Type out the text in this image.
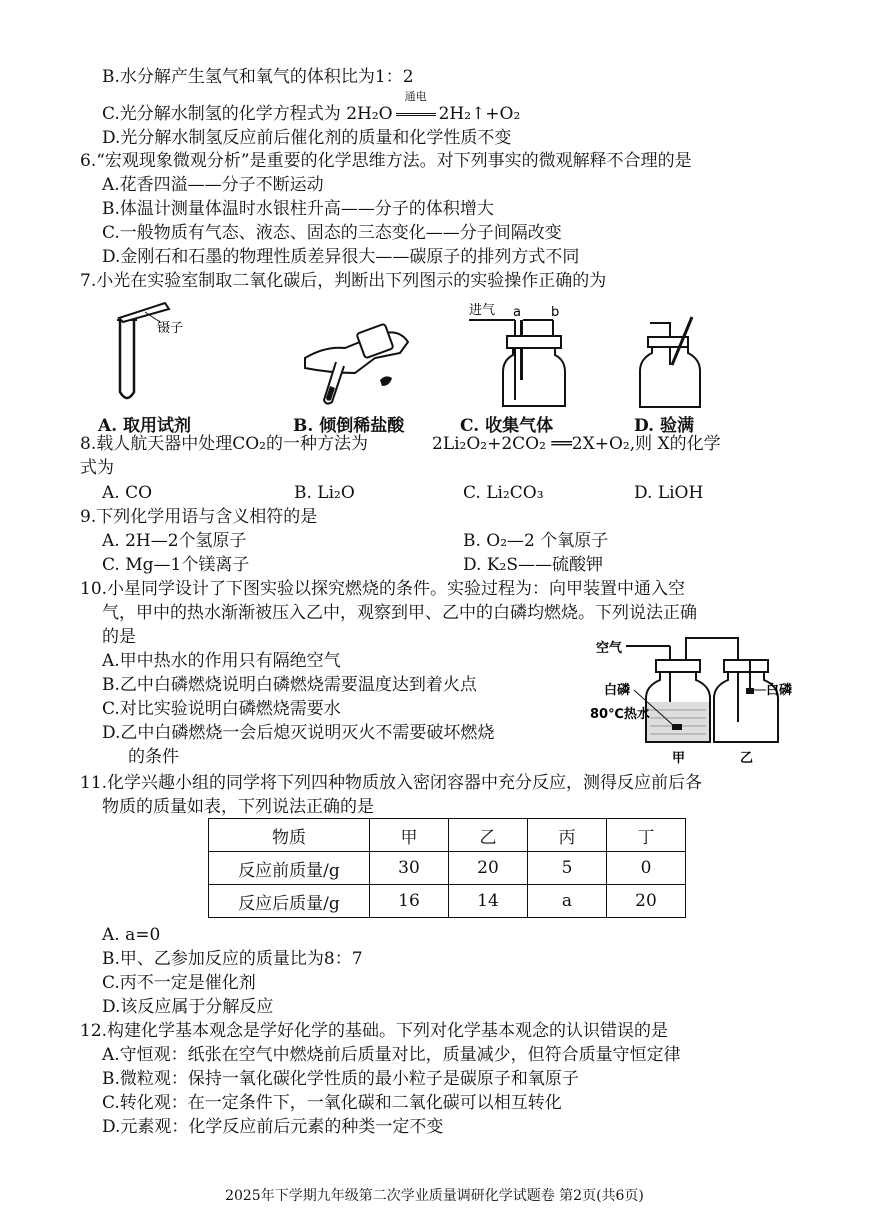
B.水分解产生氢气和氧气的体积比为1：2
C.光分解水制氢的化学方程式为 2H₂O
通电
2H₂↑+O₂
D.光分解水制氢反应前后催化剂的质量和化学性质不变
6.“宏观现象微观分析”是重要的化学思维方法。对下列事实的微观解释不合理的是
A.花香四溢——分子不断运动
B.体温计测量体温时水银柱升高——分子的体积增大
C.一般物质有气态、液态、固态的三态变化——分子间隔改变
D.金刚石和石墨的物理性质差异很大——碳原子的排列方式不同
7.小光在实验室制取二氧化碳后，判断出下列图示的实验操作正确的为
镊子
进气 a b
A. 取用试剂	B. 倾倒稀盐酸	C. 收集气体	D. 验满
8.载人航天器中处理CO₂的一种方法为	2Li₂O₂+2CO₂ ══2X+O₂,则 X的化学
式为
A. CO	B. Li₂O	C. Li₂CO₃	D. LiOH
9.下列化学用语与含义相符的是
A. 2H—2个氢原子	B. O₂—2 个氧原子
C. Mg—1个镁离子	D. K₂S——硫酸钾
10.小星同学设计了下图实验以探究燃烧的条件。实验过程为：向甲装置中通入空
气，甲中的热水渐渐被压入乙中，观察到甲、乙中的白磷均燃烧。下列说法正确
的是
A.甲中热水的作用只有隔绝空气
B.乙中白磷燃烧说明白磷燃烧需要温度达到着火点
C.对比实验说明白磷燃烧需要水
D.乙中白磷燃烧一会后熄灭说明灭火不需要破坏燃烧
的条件
空气
白磷
白磷
80℃热水
甲	乙
11.化学兴趣小组的同学将下列四种物质放入密闭容器中充分反应，测得反应前后各
物质的质量如表，下列说法正确的是
物质	甲	乙	丙	丁
反应前质量/g	30	20	5	0
反应后质量/g	16	14	a	20
A. a=0
B.甲、乙参加反应的质量比为8：7
C.丙不一定是催化剂
D.该反应属于分解反应
12.构建化学基本观念是学好化学的基础。下列对化学基本观念的认识错误的是
A.守恒观：纸张在空气中燃烧前后质量对比，质量减少，但符合质量守恒定律
B.微粒观：保持一氧化碳化学性质的最小粒子是碳原子和氧原子
C.转化观：在一定条件下，一氧化碳和二氧化碳可以相互转化
D.元素观：化学反应前后元素的种类一定不变
2025年下学期九年级第二次学业质量调研化学试题卷 第2页(共6页)
